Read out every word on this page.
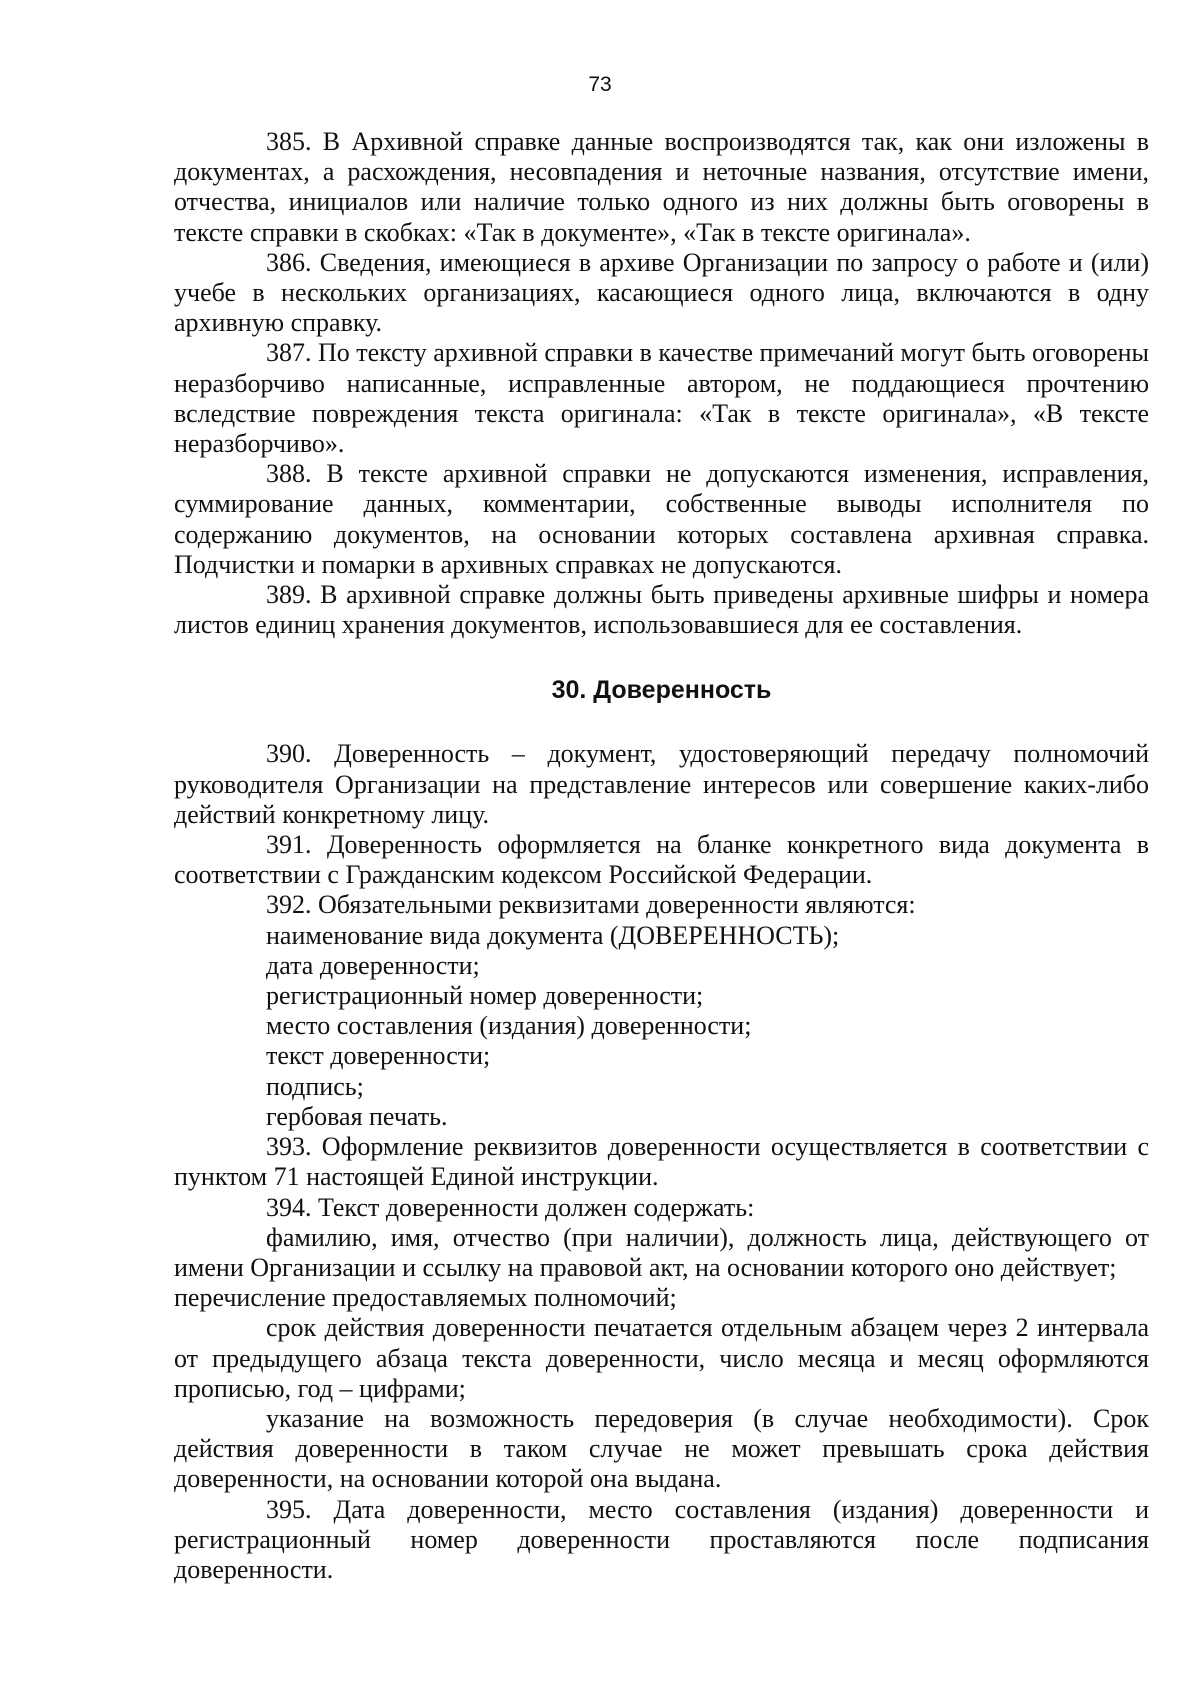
73

385. В Архивной справке данные воспроизводятся так, как они изложены в документах, а расхождения, несовпадения и неточные названия, отсутствие имени, отчества, инициалов или наличие только одного из них должны быть оговорены в тексте справки в скобках: «Так в документе», «Так в тексте оригинала».

386. Сведения, имеющиеся в архиве Организации по запросу о работе и (или) учебе в нескольких организациях, касающиеся одного лица, включаются в одну архивную справку.

387. По тексту архивной справки в качестве примечаний могут быть оговорены неразборчиво написанные, исправленные автором, не поддающиеся прочтению вследствие повреждения текста оригинала: «Так в тексте оригинала», «В тексте неразборчиво».

388. В тексте архивной справки не допускаются изменения, исправления, суммирование данных, комментарии, собственные выводы исполнителя по содержанию документов, на основании которых составлена архивная справка. Подчистки и помарки в архивных справках не допускаются.

389. В архивной справке должны быть приведены архивные шифры и номера листов единиц хранения документов, использовавшиеся для ее составления.

30. Доверенность

390. Доверенность – документ, удостоверяющий передачу полномочий руководителя Организации на представление интересов или совершение каких-либо действий конкретному лицу.

391. Доверенность оформляется на бланке конкретного вида документа в соответствии с Гражданским кодексом Российской Федерации.

392. Обязательными реквизитами доверенности являются:

наименование вида документа (ДОВЕРЕННОСТЬ);

дата доверенности;

регистрационный номер доверенности;

место составления (издания) доверенности;

текст доверенности;

подпись;

гербовая печать.

393. Оформление реквизитов доверенности осуществляется в соответствии с пунктом 71 настоящей Единой инструкции.

394. Текст доверенности должен содержать:

фамилию, имя, отчество (при наличии), должность лица, действующего от имени Организации и ссылку на правовой акт, на основании которого оно действует;

перечисление предоставляемых полномочий;

срок действия доверенности печатается отдельным абзацем через 2 интервала от предыдущего абзаца текста доверенности, число месяца и месяц оформляются прописью, год – цифрами;

указание на возможность передоверия (в случае необходимости). Срок действия доверенности в таком случае не может превышать срока действия доверенности, на основании которой она выдана.

395. Дата доверенности, место составления (издания) доверенности и регистрационный номер доверенности проставляются после подписания доверенности.
